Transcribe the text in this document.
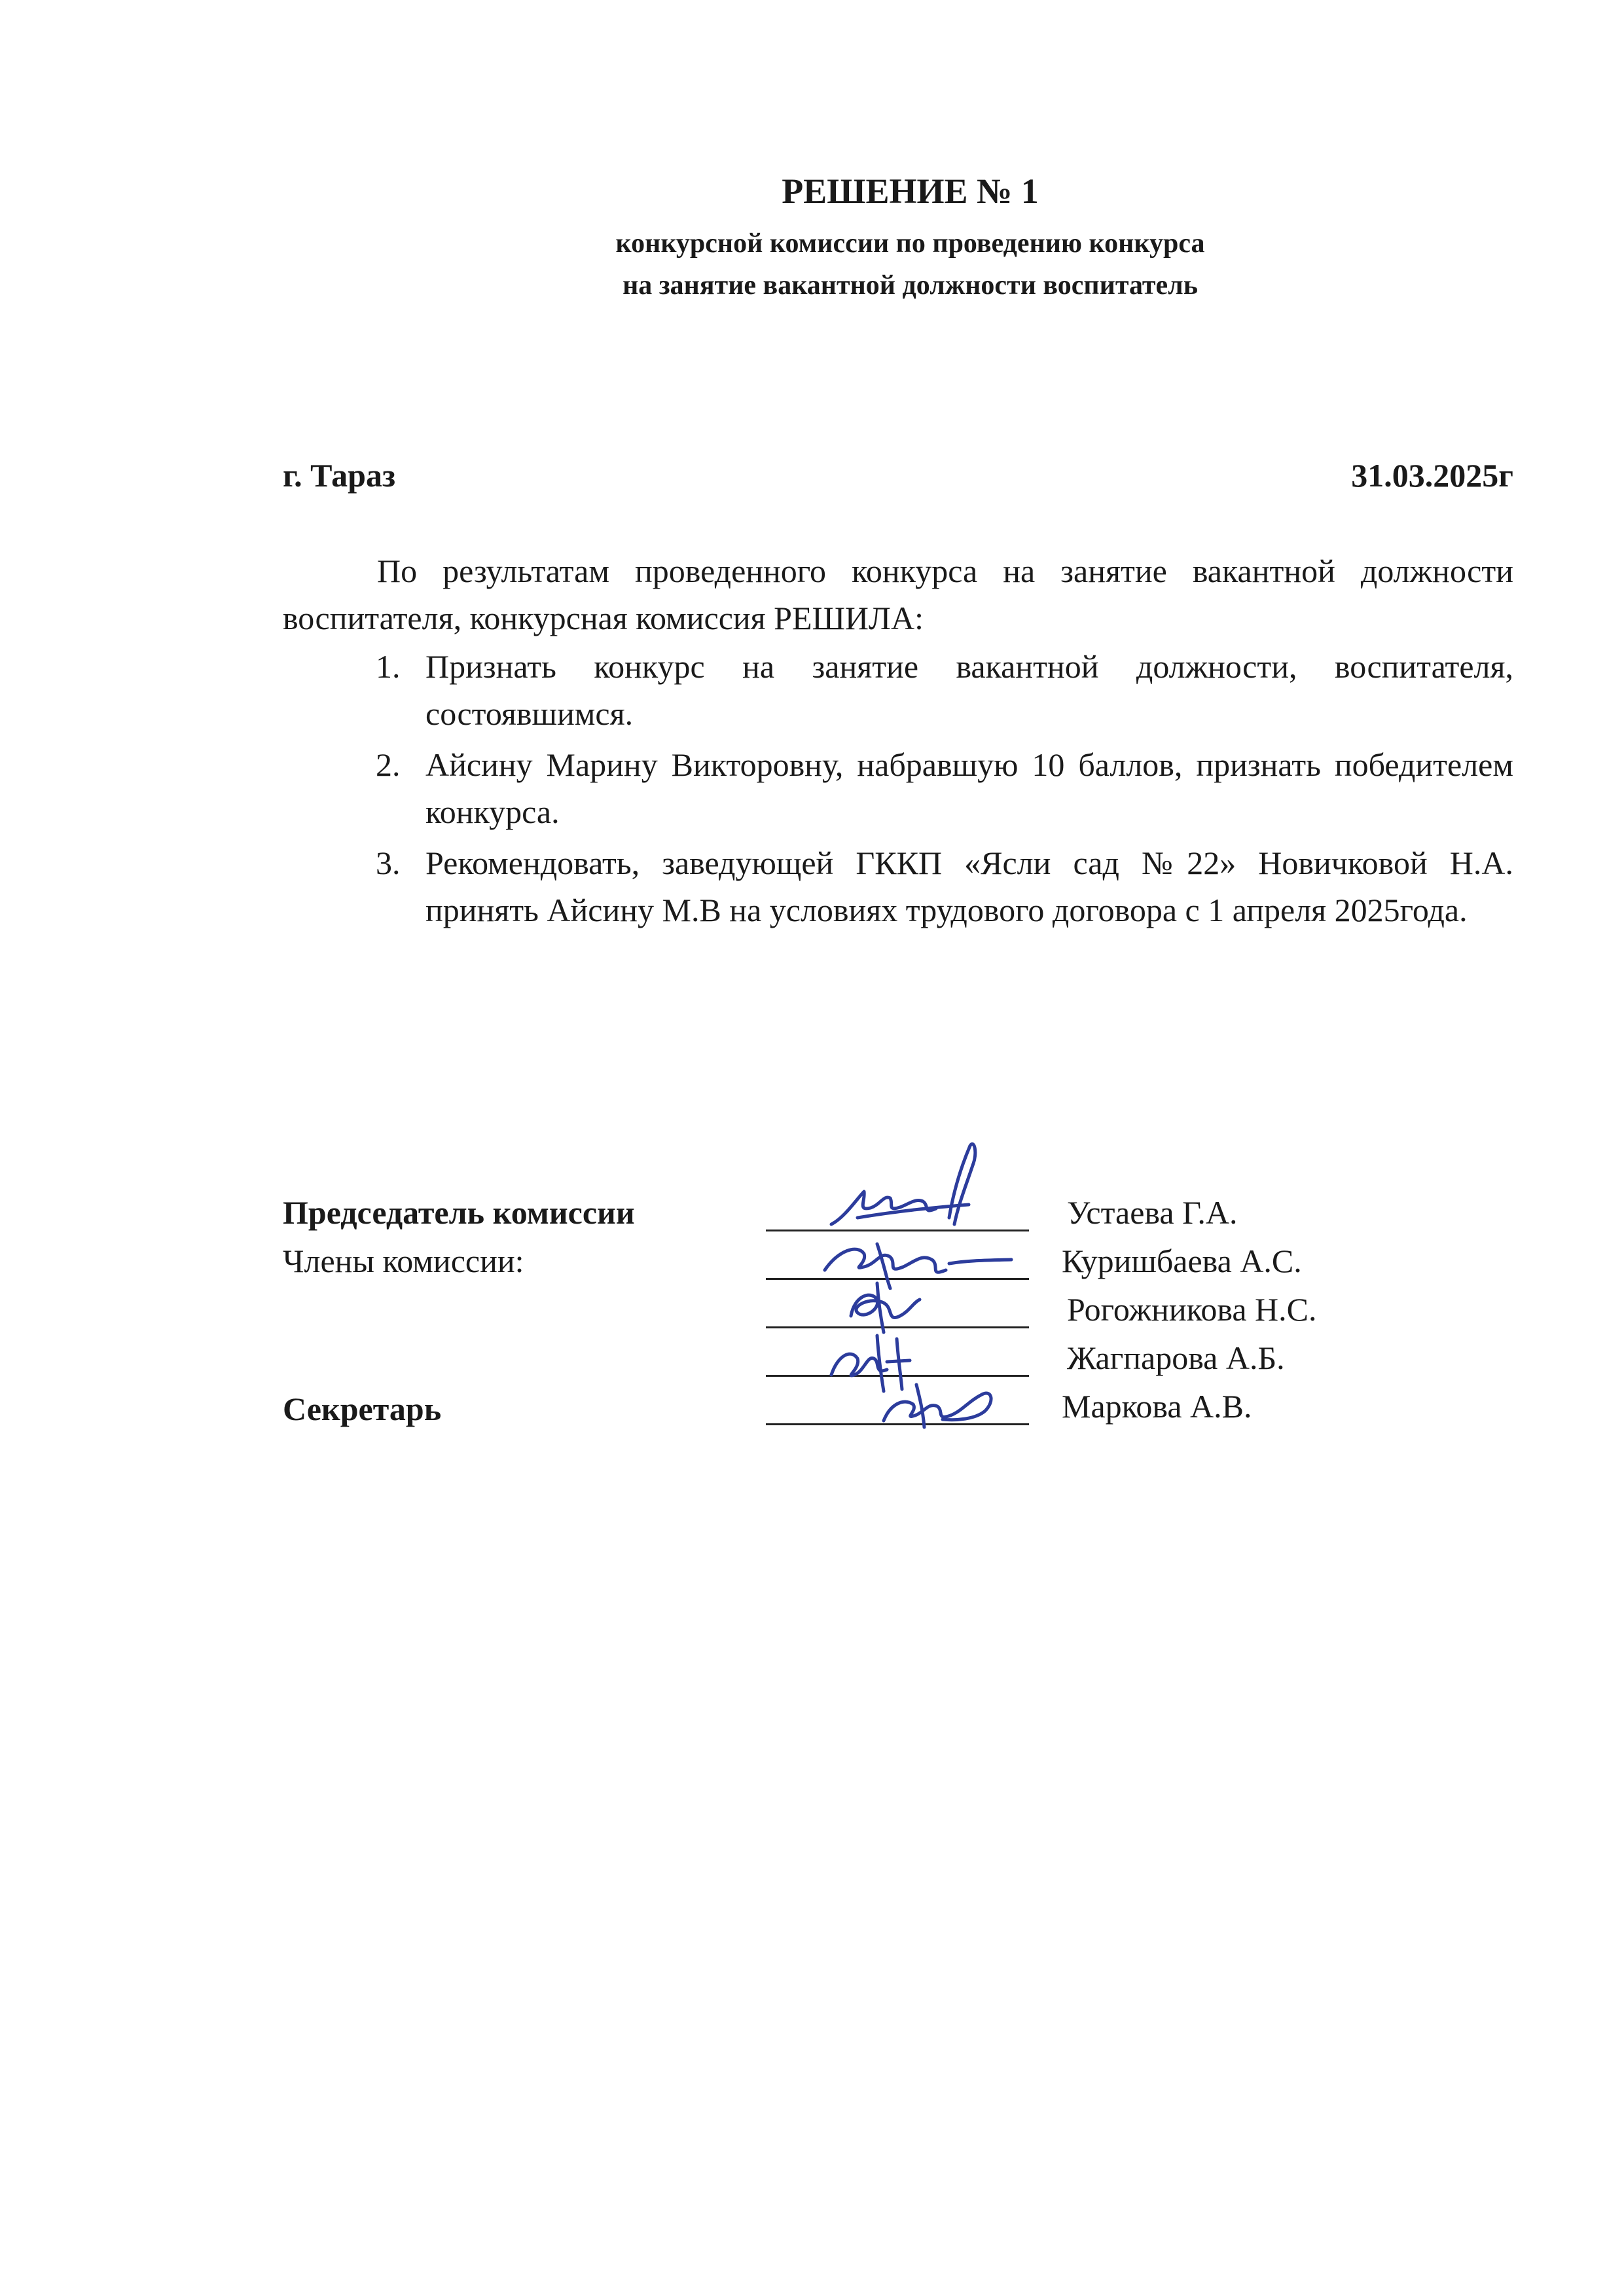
РЕШЕНИЕ № 1
конкурсной комиссии по проведению конкурса
на занятие вакантной должности воспитатель
г. Тараз	31.03.2025г

По результатам проведенного конкурса на занятие вакантной должности воспитателя, конкурсная комиссия РЕШИЛА:

1. Признать конкурс на занятие вакантной должности, воспитателя, состоявшимся.
2. Айсину Марину Викторовну, набравшую 10 баллов, признать победителем конкурса.
3. Рекомендовать, заведующей ГККП «Ясли сад №22» Новичковой Н.А. принять Айсину М.В на условиях трудового договора с 1 апреля 2025года.
Председатель комиссии
Члены комиссии:
Секретарь
Устаева Г.А.
Куришбаева А.С.
Рогожникова Н.С.
Жагпарова А.Б.
Маркова А.В.
